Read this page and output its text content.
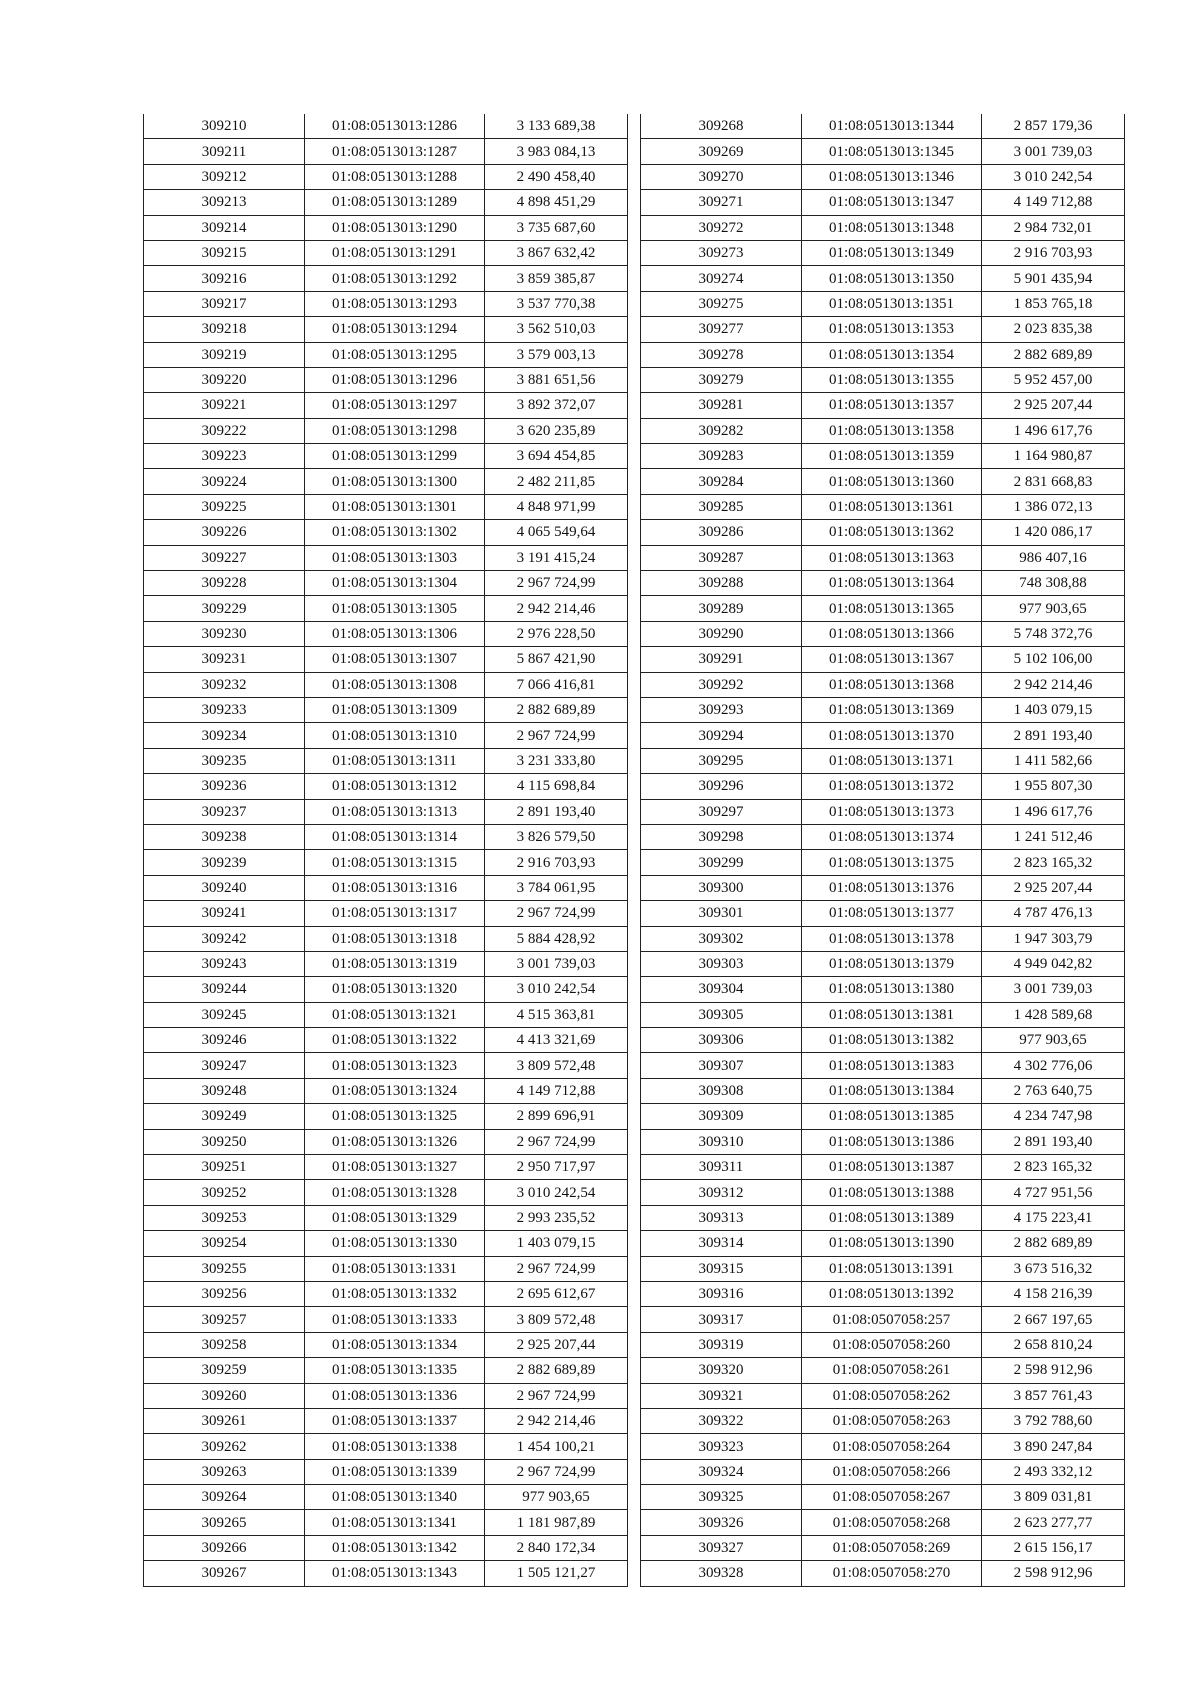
309210	01:08:0513013:1286	3 133 689,38
309211	01:08:0513013:1287	3 983 084,13
309212	01:08:0513013:1288	2 490 458,40
309213	01:08:0513013:1289	4 898 451,29
309214	01:08:0513013:1290	3 735 687,60
309215	01:08:0513013:1291	3 867 632,42
309216	01:08:0513013:1292	3 859 385,87
309217	01:08:0513013:1293	3 537 770,38
309218	01:08:0513013:1294	3 562 510,03
309219	01:08:0513013:1295	3 579 003,13
309220	01:08:0513013:1296	3 881 651,56
309221	01:08:0513013:1297	3 892 372,07
309222	01:08:0513013:1298	3 620 235,89
309223	01:08:0513013:1299	3 694 454,85
309224	01:08:0513013:1300	2 482 211,85
309225	01:08:0513013:1301	4 848 971,99
309226	01:08:0513013:1302	4 065 549,64
309227	01:08:0513013:1303	3 191 415,24
309228	01:08:0513013:1304	2 967 724,99
309229	01:08:0513013:1305	2 942 214,46
309230	01:08:0513013:1306	2 976 228,50
309231	01:08:0513013:1307	5 867 421,90
309232	01:08:0513013:1308	7 066 416,81
309233	01:08:0513013:1309	2 882 689,89
309234	01:08:0513013:1310	2 967 724,99
309235	01:08:0513013:1311	3 231 333,80
309236	01:08:0513013:1312	4 115 698,84
309237	01:08:0513013:1313	2 891 193,40
309238	01:08:0513013:1314	3 826 579,50
309239	01:08:0513013:1315	2 916 703,93
309240	01:08:0513013:1316	3 784 061,95
309241	01:08:0513013:1317	2 967 724,99
309242	01:08:0513013:1318	5 884 428,92
309243	01:08:0513013:1319	3 001 739,03
309244	01:08:0513013:1320	3 010 242,54
309245	01:08:0513013:1321	4 515 363,81
309246	01:08:0513013:1322	4 413 321,69
309247	01:08:0513013:1323	3 809 572,48
309248	01:08:0513013:1324	4 149 712,88
309249	01:08:0513013:1325	2 899 696,91
309250	01:08:0513013:1326	2 967 724,99
309251	01:08:0513013:1327	2 950 717,97
309252	01:08:0513013:1328	3 010 242,54
309253	01:08:0513013:1329	2 993 235,52
309254	01:08:0513013:1330	1 403 079,15
309255	01:08:0513013:1331	2 967 724,99
309256	01:08:0513013:1332	2 695 612,67
309257	01:08:0513013:1333	3 809 572,48
309258	01:08:0513013:1334	2 925 207,44
309259	01:08:0513013:1335	2 882 689,89
309260	01:08:0513013:1336	2 967 724,99
309261	01:08:0513013:1337	2 942 214,46
309262	01:08:0513013:1338	1 454 100,21
309263	01:08:0513013:1339	2 967 724,99
309264	01:08:0513013:1340	977 903,65
309265	01:08:0513013:1341	1 181 987,89
309266	01:08:0513013:1342	2 840 172,34
309267	01:08:0513013:1343	1 505 121,27
309268	01:08:0513013:1344	2 857 179,36
309269	01:08:0513013:1345	3 001 739,03
309270	01:08:0513013:1346	3 010 242,54
309271	01:08:0513013:1347	4 149 712,88
309272	01:08:0513013:1348	2 984 732,01
309273	01:08:0513013:1349	2 916 703,93
309274	01:08:0513013:1350	5 901 435,94
309275	01:08:0513013:1351	1 853 765,18
309277	01:08:0513013:1353	2 023 835,38
309278	01:08:0513013:1354	2 882 689,89
309279	01:08:0513013:1355	5 952 457,00
309281	01:08:0513013:1357	2 925 207,44
309282	01:08:0513013:1358	1 496 617,76
309283	01:08:0513013:1359	1 164 980,87
309284	01:08:0513013:1360	2 831 668,83
309285	01:08:0513013:1361	1 386 072,13
309286	01:08:0513013:1362	1 420 086,17
309287	01:08:0513013:1363	986 407,16
309288	01:08:0513013:1364	748 308,88
309289	01:08:0513013:1365	977 903,65
309290	01:08:0513013:1366	5 748 372,76
309291	01:08:0513013:1367	5 102 106,00
309292	01:08:0513013:1368	2 942 214,46
309293	01:08:0513013:1369	1 403 079,15
309294	01:08:0513013:1370	2 891 193,40
309295	01:08:0513013:1371	1 411 582,66
309296	01:08:0513013:1372	1 955 807,30
309297	01:08:0513013:1373	1 496 617,76
309298	01:08:0513013:1374	1 241 512,46
309299	01:08:0513013:1375	2 823 165,32
309300	01:08:0513013:1376	2 925 207,44
309301	01:08:0513013:1377	4 787 476,13
309302	01:08:0513013:1378	1 947 303,79
309303	01:08:0513013:1379	4 949 042,82
309304	01:08:0513013:1380	3 001 739,03
309305	01:08:0513013:1381	1 428 589,68
309306	01:08:0513013:1382	977 903,65
309307	01:08:0513013:1383	4 302 776,06
309308	01:08:0513013:1384	2 763 640,75
309309	01:08:0513013:1385	4 234 747,98
309310	01:08:0513013:1386	2 891 193,40
309311	01:08:0513013:1387	2 823 165,32
309312	01:08:0513013:1388	4 727 951,56
309313	01:08:0513013:1389	4 175 223,41
309314	01:08:0513013:1390	2 882 689,89
309315	01:08:0513013:1391	3 673 516,32
309316	01:08:0513013:1392	4 158 216,39
309317	01:08:0507058:257	2 667 197,65
309319	01:08:0507058:260	2 658 810,24
309320	01:08:0507058:261	2 598 912,96
309321	01:08:0507058:262	3 857 761,43
309322	01:08:0507058:263	3 792 788,60
309323	01:08:0507058:264	3 890 247,84
309324	01:08:0507058:266	2 493 332,12
309325	01:08:0507058:267	3 809 031,81
309326	01:08:0507058:268	2 623 277,77
309327	01:08:0507058:269	2 615 156,17
309328	01:08:0507058:270	2 598 912,96
